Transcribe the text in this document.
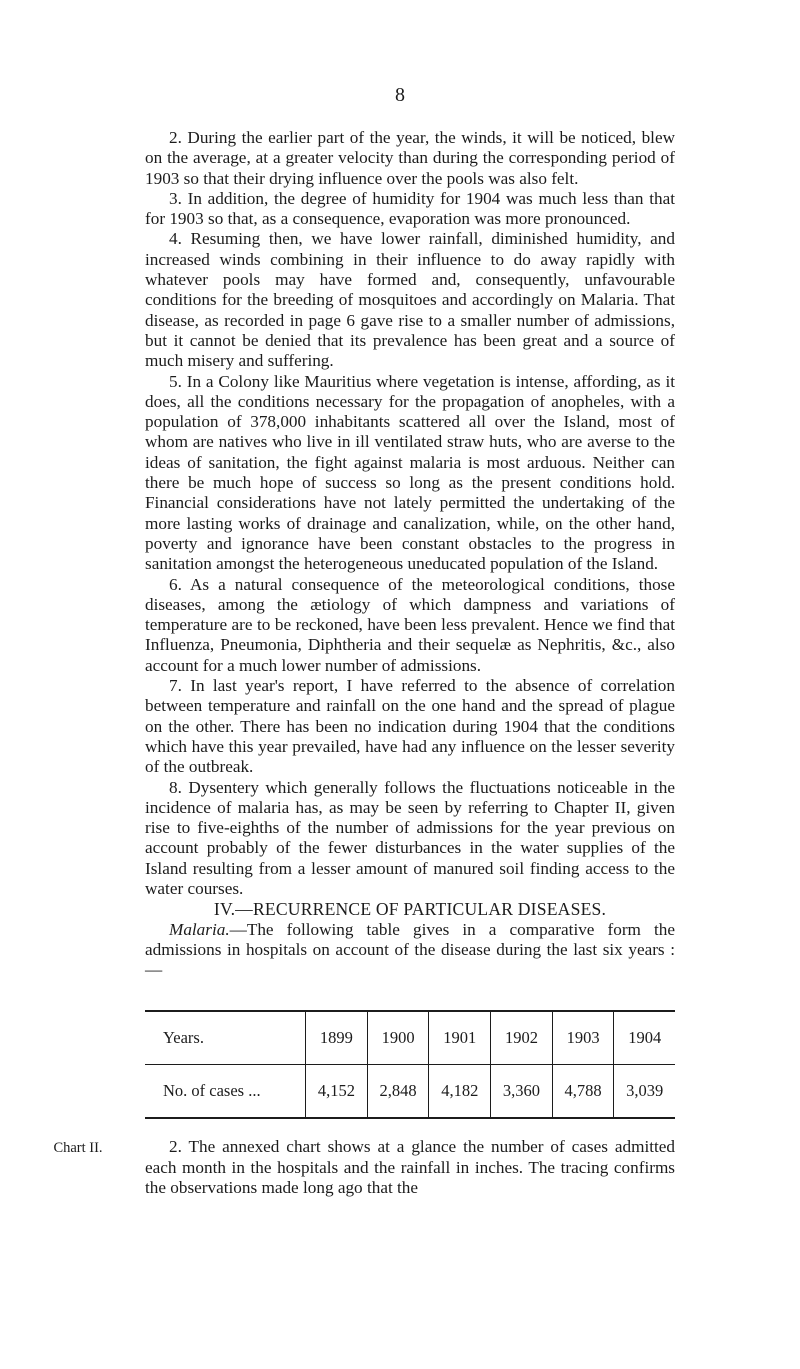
8

2. During the earlier part of the year, the winds, it will be noticed, blew on the average, at a greater velocity than during the corresponding period of 1903 so that their drying influence over the pools was also felt.

3. In addition, the degree of humidity for 1904 was much less than that for 1903 so that, as a consequence, evaporation was more pronounced.

4. Resuming then, we have lower rainfall, diminished humidity, and increased winds combining in their influence to do away rapidly with whatever pools may have formed and, consequently, unfavourable conditions for the breeding of mosquitoes and accordingly on Malaria. That disease, as recorded in page 6 gave rise to a smaller number of admissions, but it cannot be denied that its prevalence has been great and a source of much misery and suffering.

5. In a Colony like Mauritius where vegetation is intense, affording, as it does, all the conditions necessary for the propagation of anopheles, with a population of 378,000 inhabitants scattered all over the Island, most of whom are natives who live in ill ventilated straw huts, who are averse to the ideas of sanitation, the fight against malaria is most arduous. Neither can there be much hope of success so long as the present conditions hold. Financial considerations have not lately permitted the undertaking of the more lasting works of drainage and canalization, while, on the other hand, poverty and ignorance have been constant obstacles to the progress in sanitation amongst the heterogeneous uneducated population of the Island.

6. As a natural consequence of the meteorological conditions, those diseases, among the ætiology of which dampness and variations of temperature are to be reckoned, have been less prevalent. Hence we find that Influenza, Pneumonia, Diphtheria and their sequelæ as Nephritis, &c., also account for a much lower number of admissions.

7. In last year's report, I have referred to the absence of correlation between temperature and rainfall on the one hand and the spread of plague on the other. There has been no indication during 1904 that the conditions which have this year prevailed, have had any influence on the lesser severity of the outbreak.

8. Dysentery which generally follows the fluctuations noticeable in the incidence of malaria has, as may be seen by referring to Chapter II, given rise to five-eighths of the number of admissions for the year previous on account probably of the fewer disturbances in the water supplies of the Island resulting from a lesser amount of manured soil finding access to the water courses.

IV.—RECURRENCE OF PARTICULAR DISEASES.

Malaria.—The following table gives in a comparative form the admissions in hospitals on account of the disease during the last six years :—

Years.	1899	1900	1901	1902	1903	1904
No. of cases ...	4,152	2,848	4,182	3,360	4,788	3,039

2. The annexed chart shows at a glance the number of cases admitted each month in the hospitals and the rainfall in inches. The tracing confirms the observations made long ago that the

Chart II.
